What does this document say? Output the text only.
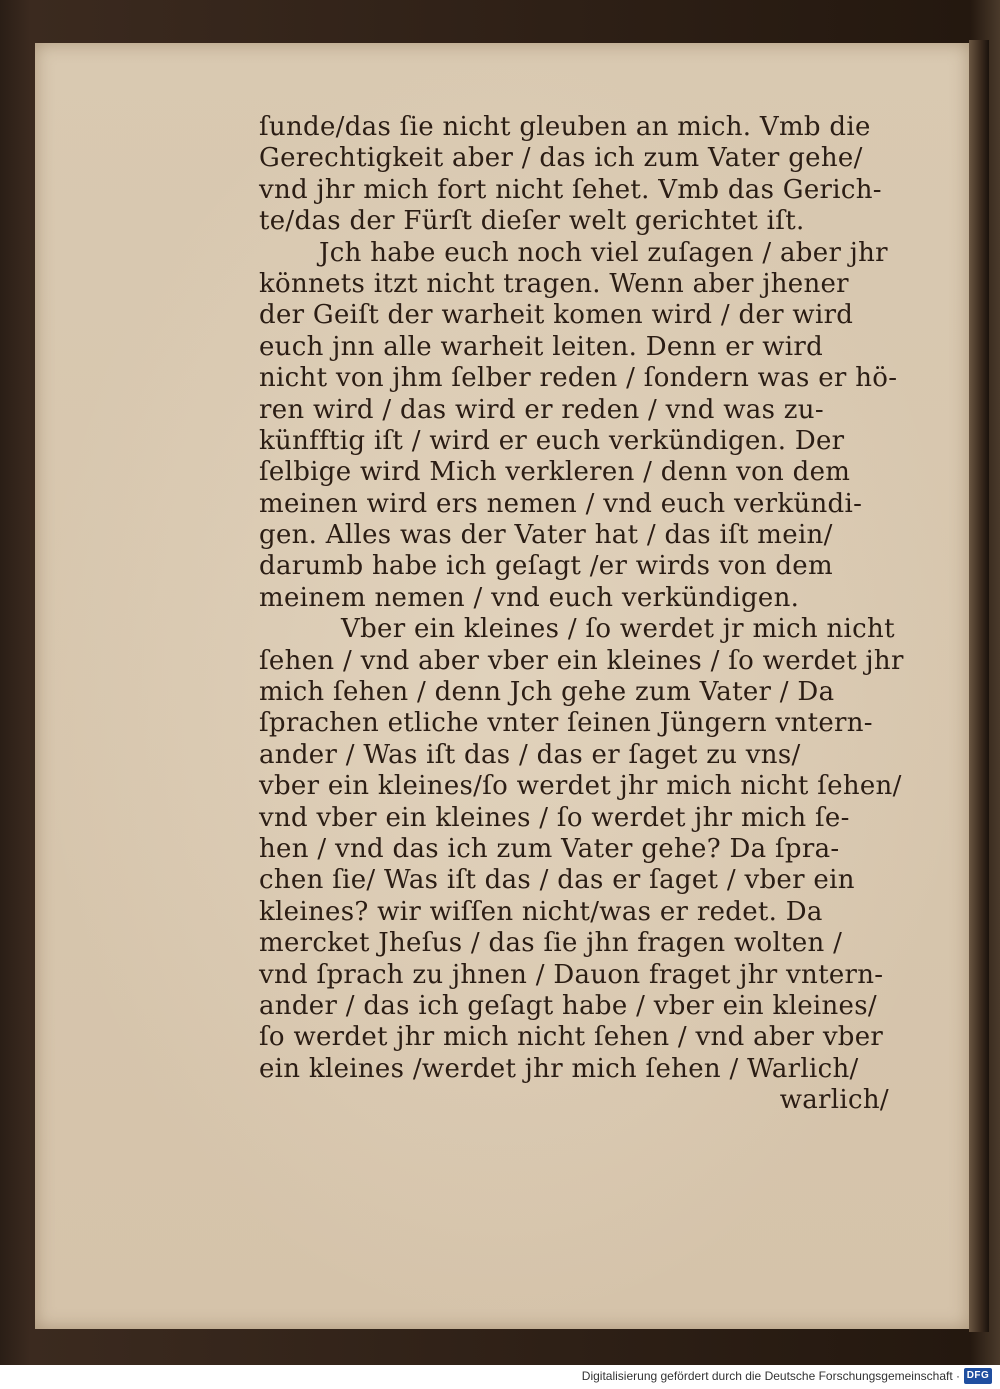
ſunde/das ſie nicht gleuben an mich. Vmb die
Gerechtigkeit aber / das ich zum Vater gehe/
vnd jhr mich fort nicht ſehet. Vmb das Gerich-
te/das der Fürſt dieſer welt gerichtet iſt.
Jch habe euch noch viel zuſagen / aber jhr
könnets itzt nicht tragen. Wenn aber jhener
der Geiſt der warheit komen wird / der wird
euch jnn alle warheit leiten. Denn er wird
nicht von jhm ſelber reden / ſondern was er hö-
ren wird / das wird er reden / vnd was zu-
künfftig iſt / wird er euch verkündigen. Der
ſelbige wird Mich verkleren / denn von dem
meinen wird ers nemen / vnd euch verkündi-
gen. Alles was der Vater hat / das iſt mein/
darumb habe ich geſagt /er wirds von dem
meinem nemen / vnd euch verkündigen.
Vber ein kleines / ſo werdet jr mich nicht
ſehen / vnd aber vber ein kleines / ſo werdet jhr
mich ſehen / denn Jch gehe zum Vater / Da
ſprachen etliche vnter ſeinen Jüngern vntern-
ander / Was iſt das / das er ſaget zu vns/
vber ein kleines/ſo werdet jhr mich nicht ſehen/
vnd vber ein kleines / ſo werdet jhr mich ſe-
hen / vnd das ich zum Vater gehe? Da ſpra-
chen ſie/ Was iſt das / das er ſaget / vber ein
kleines? wir wiſſen nicht/was er redet. Da
mercket Jheſus / das ſie jhn fragen wolten /
vnd ſprach zu jhnen / Dauon fraget jhr vntern-
ander / das ich geſagt habe / vber ein kleines/
ſo werdet jhr mich nicht ſehen / vnd aber vber
ein kleines /werdet jhr mich ſehen / Warlich/
warlich/
Digitalisierung gefördert durch die Deutsche Forschungsgemeinschaft · DFG
